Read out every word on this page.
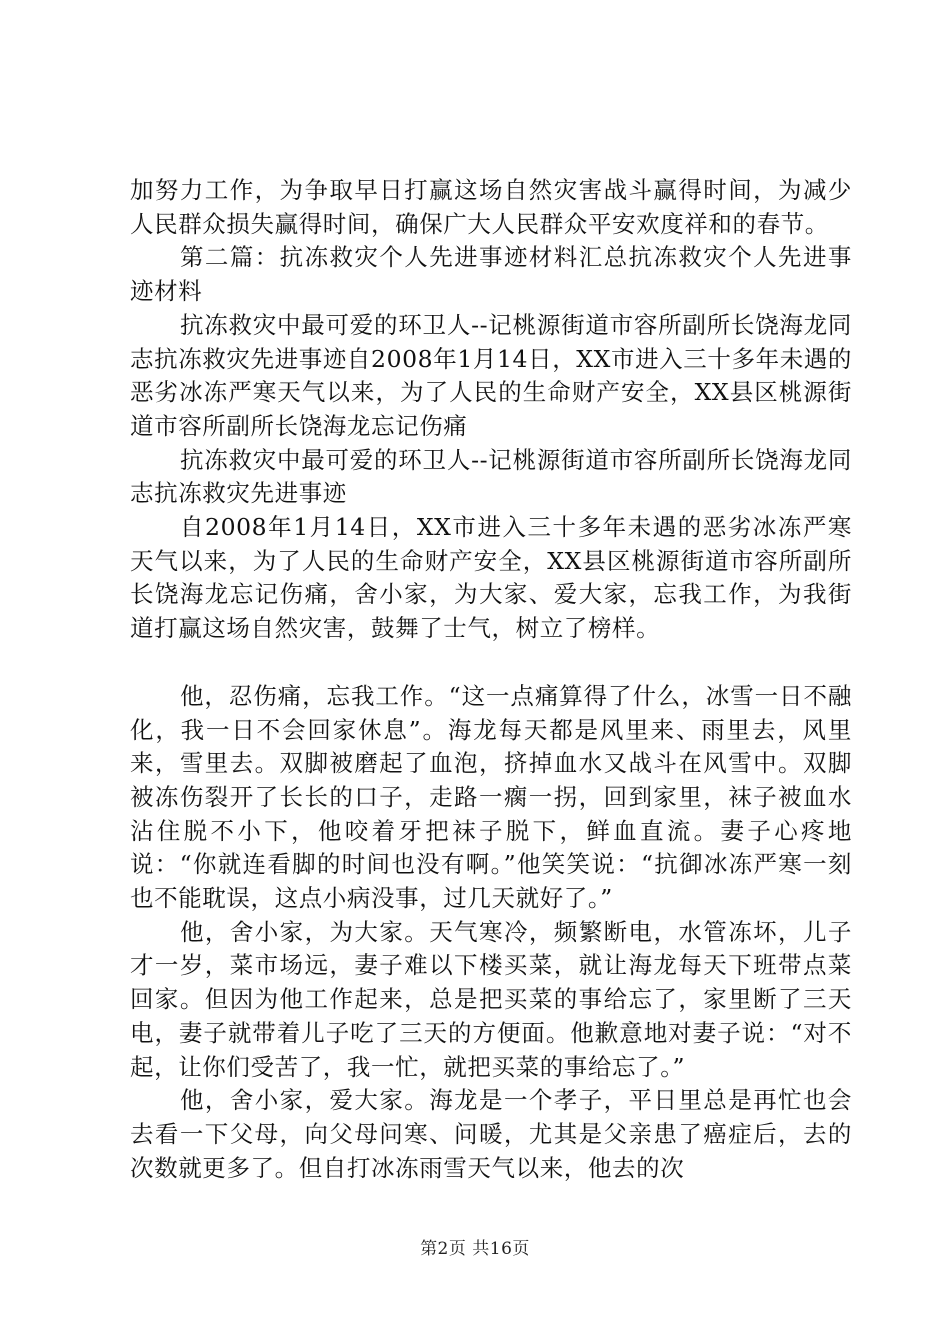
加努力工作，为争取早日打赢这场自然灾害战斗赢得时间，为减少人民群众损失赢得时间，确保广大人民群众平安欢度祥和的春节。

第二篇：抗冻救灾个人先进事迹材料汇总抗冻救灾个人先进事迹材料

抗冻救灾中最可爱的环卫人--记桃源街道市容所副所长饶海龙同志抗冻救灾先进事迹自2008年1月14日，XX市进入三十多年未遇的恶劣冰冻严寒天气以来，为了人民的生命财产安全，XX县区桃源街道市容所副所长饶海龙忘记伤痛

抗冻救灾中最可爱的环卫人--记桃源街道市容所副所长饶海龙同志抗冻救灾先进事迹

自2008年1月14日，XX市进入三十多年未遇的恶劣冰冻严寒天气以来，为了人民的生命财产安全，XX县区桃源街道市容所副所长饶海龙忘记伤痛，舍小家，为大家、爱大家，忘我工作，为我街道打赢这场自然灾害，鼓舞了士气，树立了榜样。

他，忍伤痛，忘我工作。“这一点痛算得了什么，冰雪一日不融化，我一日不会回家休息”。海龙每天都是风里来、雨里去，风里来，雪里去。双脚被磨起了血泡，挤掉血水又战斗在风雪中。双脚被冻伤裂开了长长的口子，走路一瘸一拐，回到家里，袜子被血水沾住脱不小下，他咬着牙把袜子脱下，鲜血直流。妻子心疼地说：“你就连看脚的时间也没有啊。”他笑笑说：“抗御冰冻严寒一刻也不能耽误，这点小病没事，过几天就好了。”

他，舍小家，为大家。天气寒冷，频繁断电，水管冻坏，儿子才一岁，菜市场远，妻子难以下楼买菜，就让海龙每天下班带点菜回家。但因为他工作起来，总是把买菜的事给忘了，家里断了三天电，妻子就带着儿子吃了三天的方便面。他歉意地对妻子说：“对不起，让你们受苦了，我一忙，就把买菜的事给忘了。”

他，舍小家，爱大家。海龙是一个孝子，平日里总是再忙也会去看一下父母，向父母问寒、问暖，尤其是父亲患了癌症后，去的次数就更多了。但自打冰冻雨雪天气以来，他去的次

第2页 共16页
